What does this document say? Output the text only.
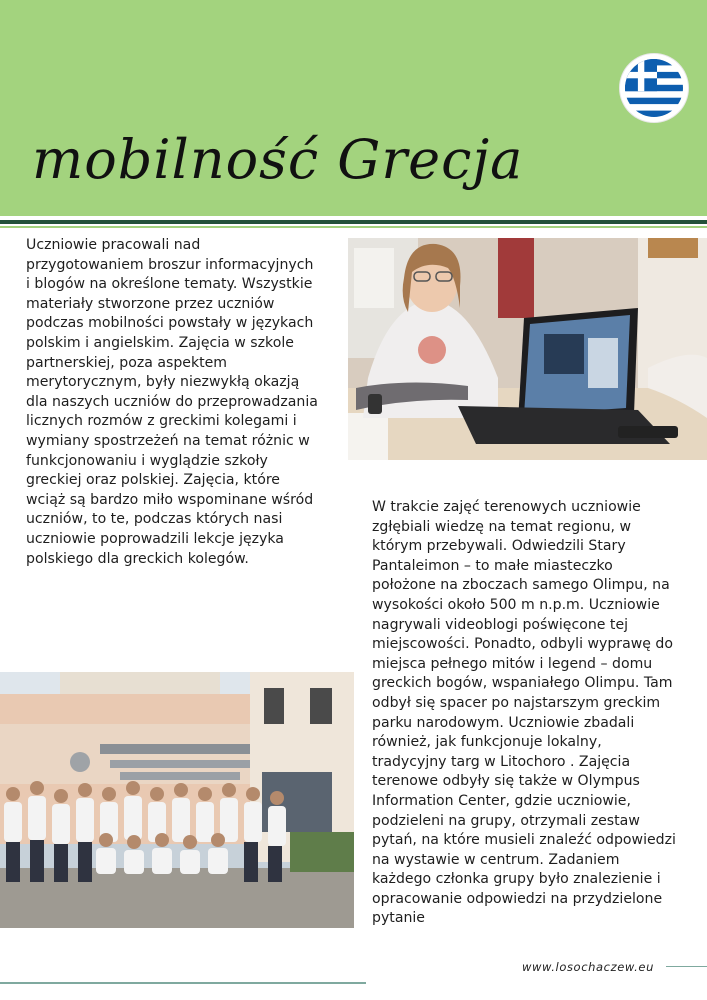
mobilność Grecja

Uczniowie pracowali nad przygotowaniem broszur informacyjnych i blogów na określone tematy. Wszystkie materiały stworzone przez uczniów podczas mobilności powstały w językach polskim i angielskim. Zajęcia w szkole partnerskiej, poza aspektem merytorycznym, były niezwykłą okazją dla naszych uczniów do przeprowadzania licznych rozmów z greckimi kolegami i wymiany spostrzeżeń na temat różnic w funkcjonowaniu i wyglądzie szkoły greckiej oraz polskiej. Zajęcia, które wciąż są bardzo miło wspominane wśród uczniów, to te, podczas których nasi uczniowie poprowadzili lekcje języka polskiego dla greckich kolegów.

W trakcie zajęć terenowych uczniowie zgłębiali wiedzę na temat regionu, w którym przebywali. Odwiedzili Stary Pantaleimon – to małe miasteczko położone na zboczach samego Olimpu, na wysokości około 500 m n.p.m. Uczniowie nagrywali videoblogi poświęcone tej miejscowości. Ponadto, odbyli wyprawę do miejsca pełnego mitów i legend – domu greckich bogów, wspaniałego Olimpu. Tam odbył się spacer po najstarszym greckim parku narodowym. Uczniowie zbadali również, jak funkcjonuje lokalny, tradycyjny targ w Litochoro . Zajęcia terenowe odbyły się także w Olympus Information Center, gdzie uczniowie, podzieleni na grupy, otrzymali zestaw pytań, na które musieli znaleźć odpowiedzi na wystawie w centrum. Zadaniem każdego członka grupy było znalezienie i opracowanie odpowiedzi na przydzielone pytanie

www.losochaczew.eu
